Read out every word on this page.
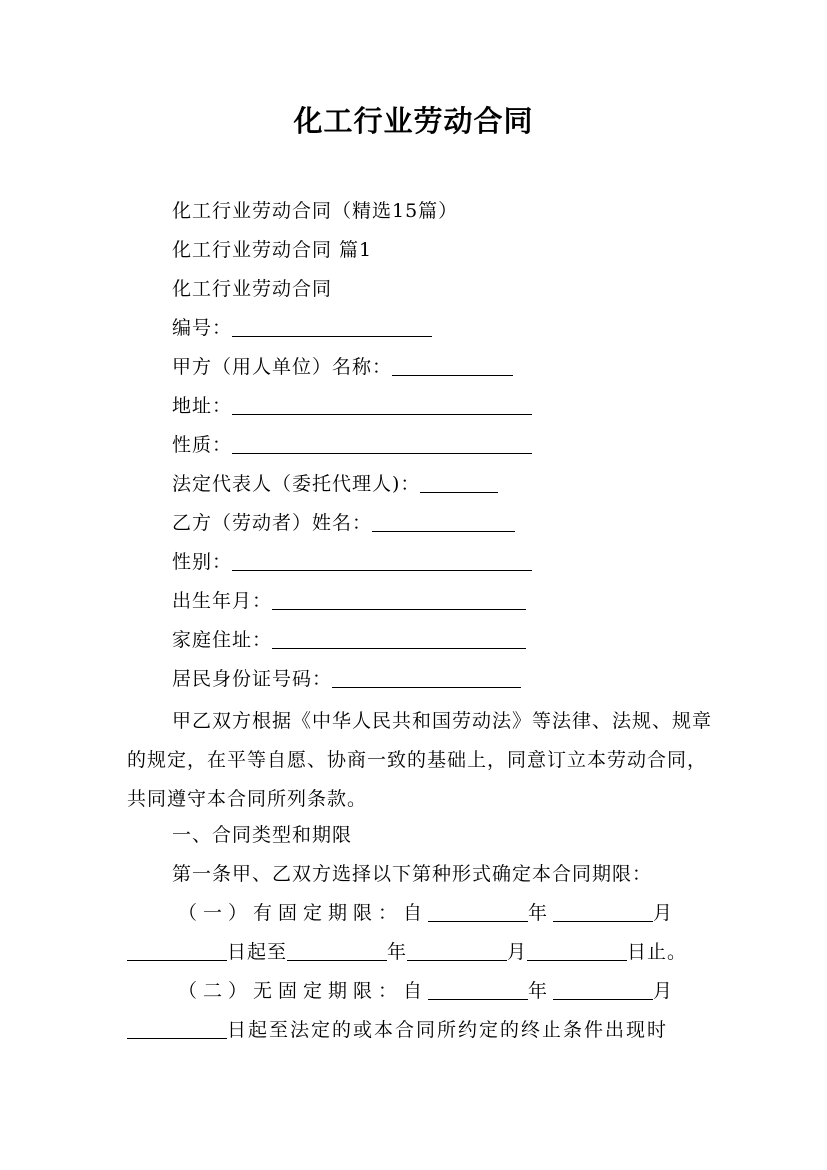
化工行业劳动合同
化工行业劳动合同（精选15篇）
化工行业劳动合同 篇1
化工行业劳动合同
编号：
甲方（用人单位）名称：
地址：
性质：
法定代表人（委托代理人)：
乙方（劳动者）姓名：
性别：
出生年月：
家庭住址：
居民身份证号码：
甲乙双方根据《中华人民共和国劳动法》等法律、法规、规章的规定，在平等自愿、协商一致的基础上，同意订立本劳动合同，共同遵守本合同所列条款。
一、合同类型和期限
第一条甲、乙双方选择以下第种形式确定本合同期限：
（一）有固定期限：自	年	月
日起至	年	月	日止。
（二）无固定期限：自	年	月
日起至法定的或本合同所约定的终止条件出现时
